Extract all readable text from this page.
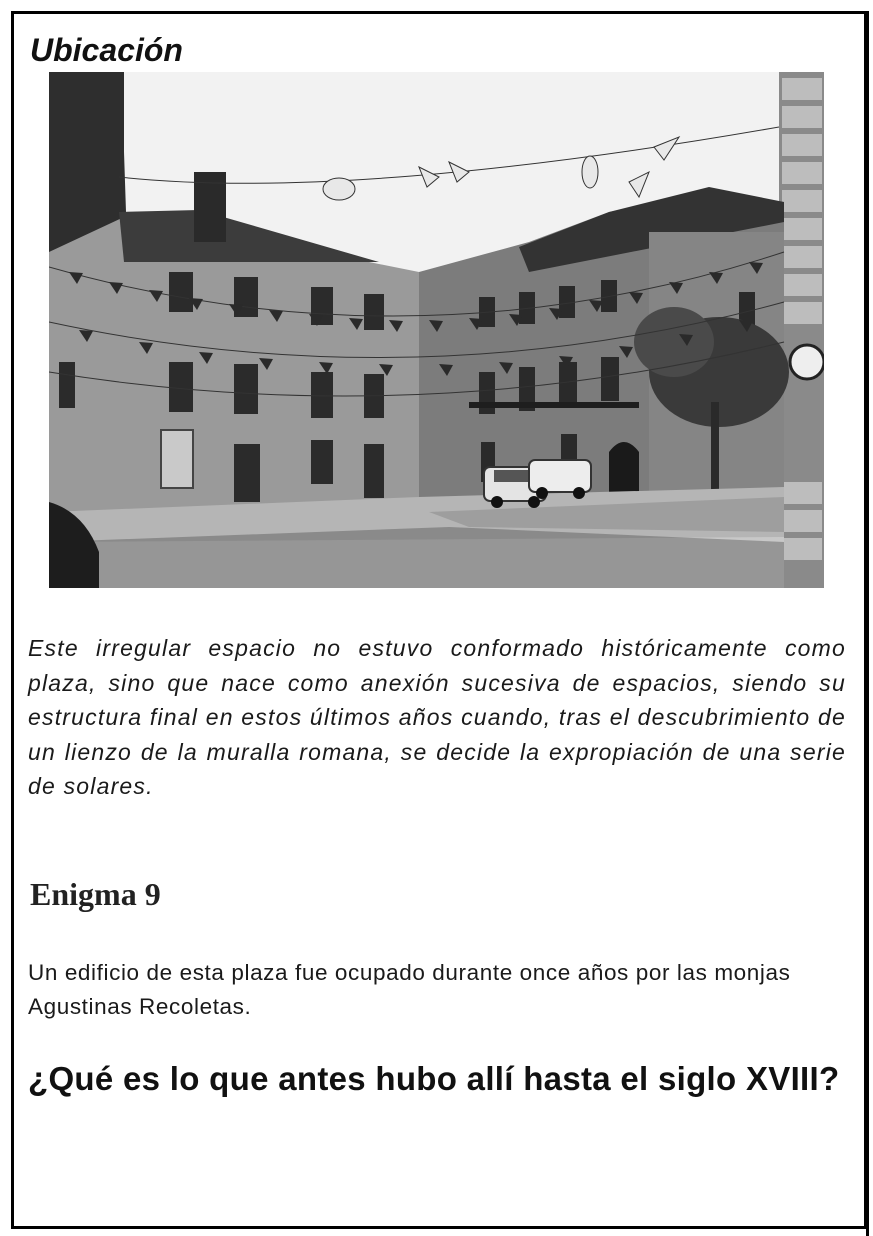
Ubicación

Este irregular espacio no estuvo conformado históricamente como plaza, sino que nace como anexión sucesiva de espacios, siendo su estructura final en estos últimos años cuando, tras el descubrimiento de un lienzo de la muralla romana, se decide la expropiación de una serie de solares.

Enigma 9

Un edificio de esta plaza fue ocupado durante once años por las monjas Agustinas Recoletas.

¿Qué es lo que antes hubo allí hasta el siglo XVIII?
